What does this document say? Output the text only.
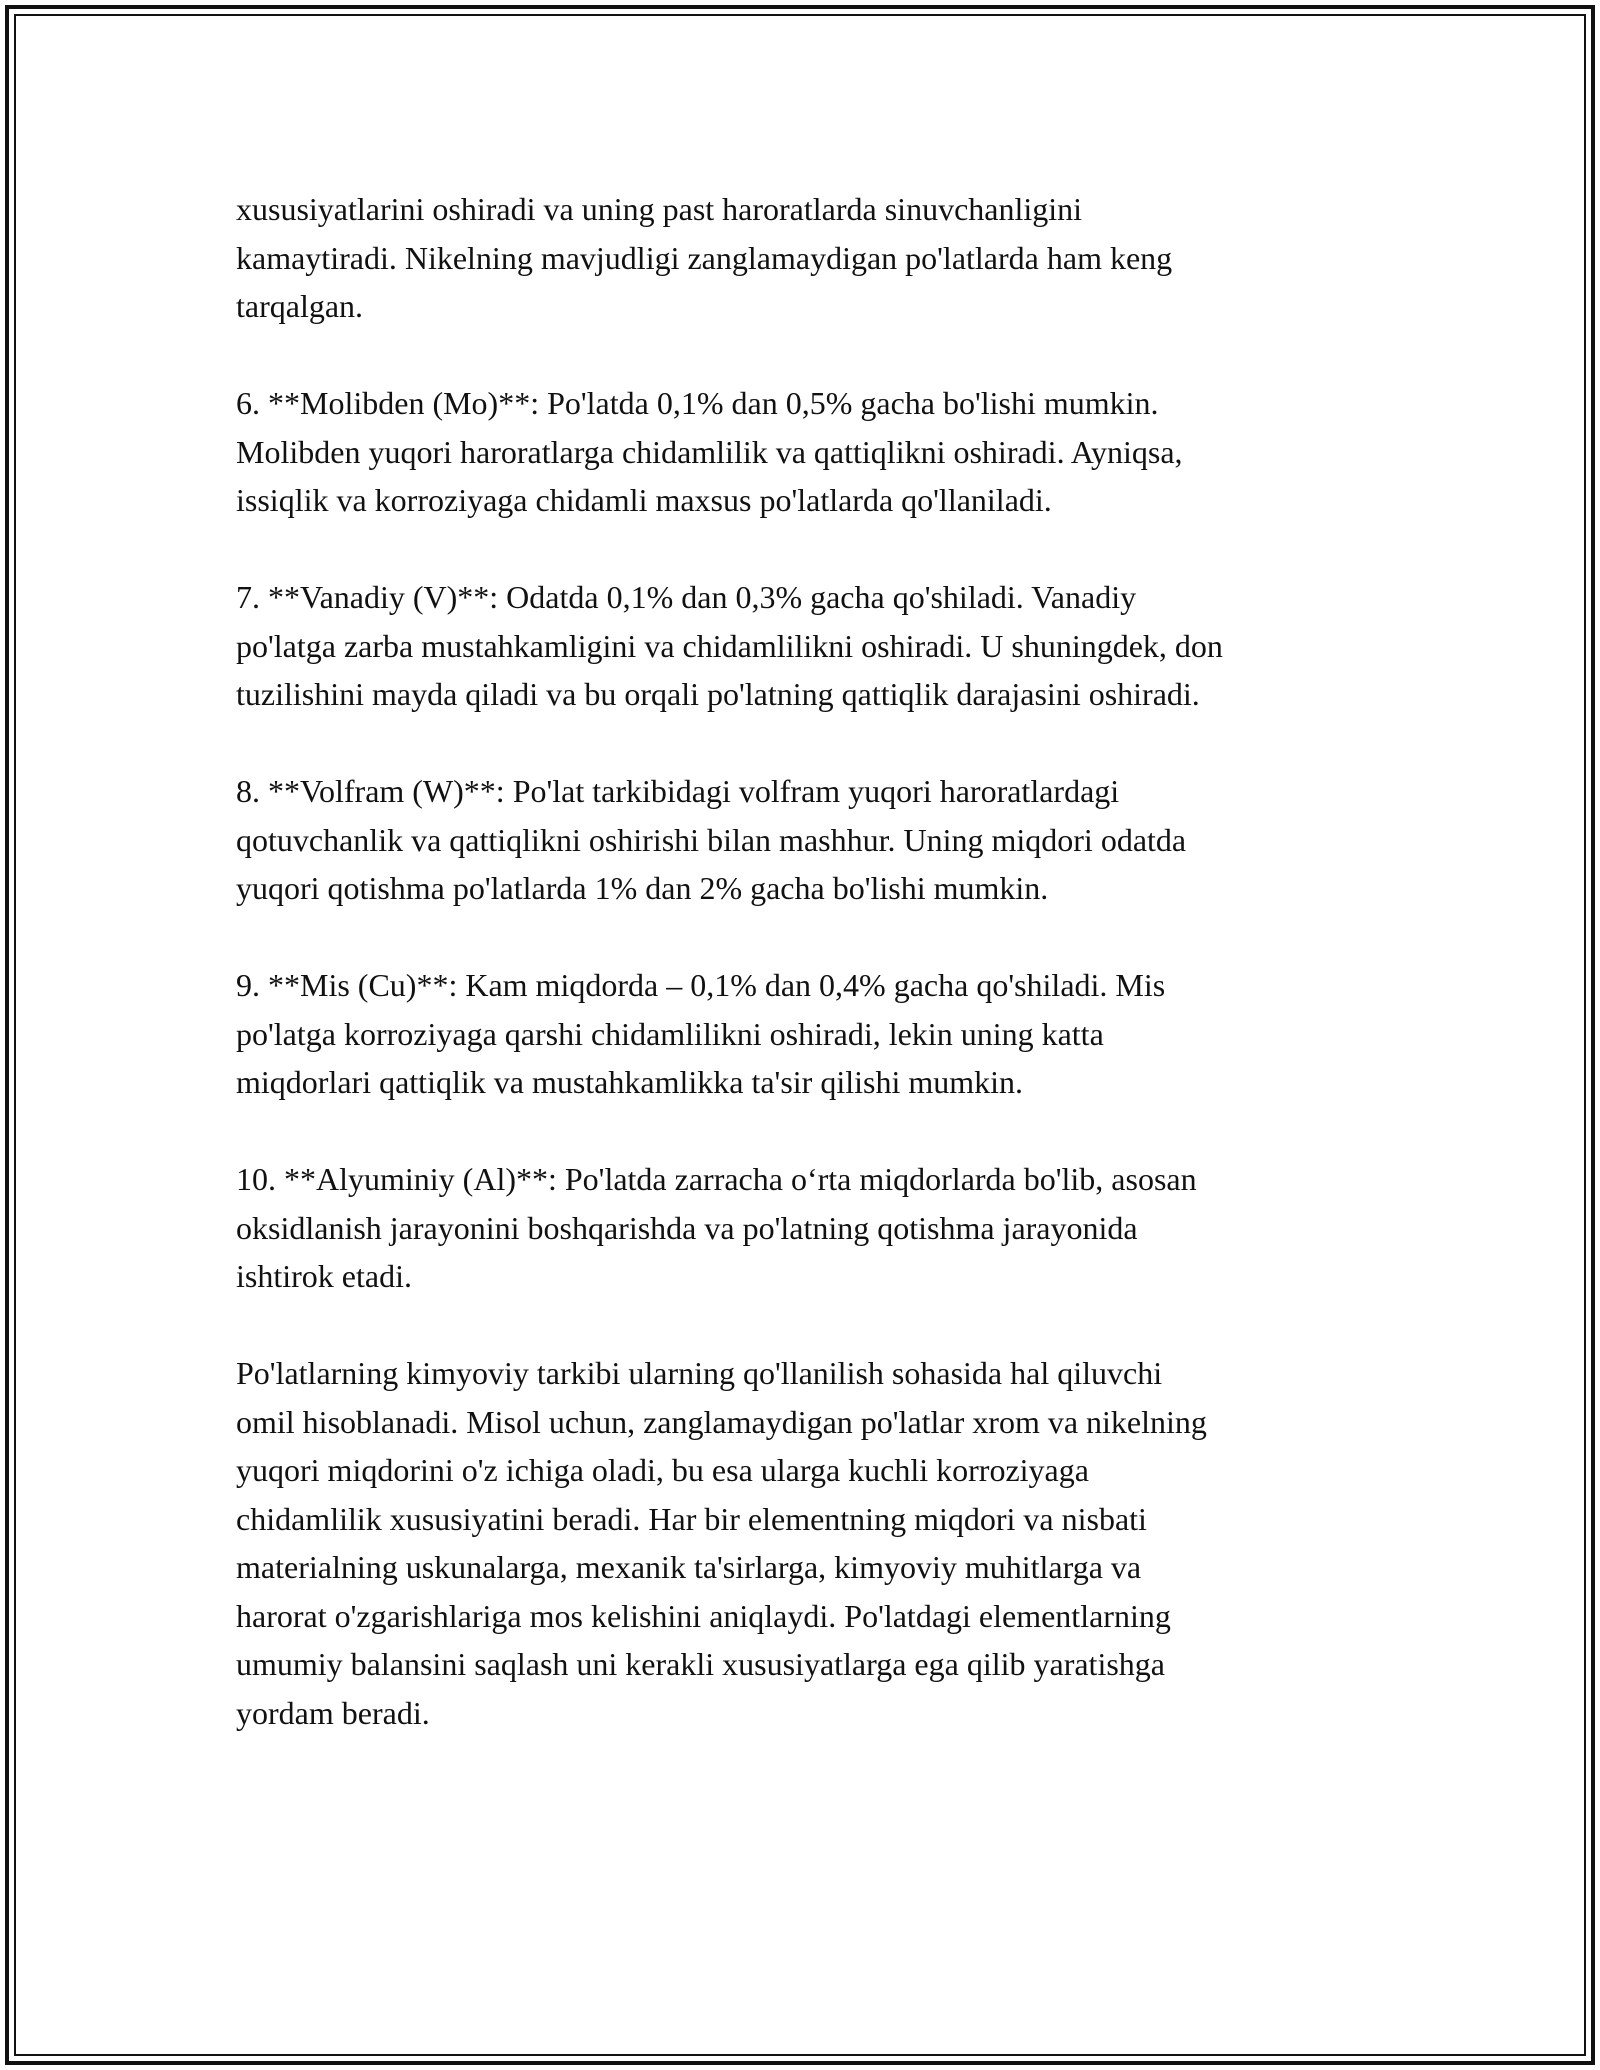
xususiyatlarini oshiradi va uning past haroratlarda sinuvchanligini
kamaytiradi. Nikelning mavjudligi zanglamaydigan po'latlarda ham keng
tarqalgan.

6. **Molibden (Mo)**: Po'latda 0,1% dan 0,5% gacha bo'lishi mumkin.
Molibden yuqori haroratlarga chidamlilik va qattiqlikni oshiradi. Ayniqsa,
issiqlik va korroziyaga chidamli maxsus po'latlarda qo'llaniladi.

7. **Vanadiy (V)**: Odatda 0,1% dan 0,3% gacha qo'shiladi. Vanadiy
po'latga zarba mustahkamligini va chidamlilikni oshiradi. U shuningdek, don
tuzilishini mayda qiladi va bu orqali po'latning qattiqlik darajasini oshiradi.

8. **Volfram (W)**: Po'lat tarkibidagi volfram yuqori haroratlardagi
qotuvchanlik va qattiqlikni oshirishi bilan mashhur. Uning miqdori odatda
yuqori qotishma po'latlarda 1% dan 2% gacha bo'lishi mumkin.

9. **Mis (Cu)**: Kam miqdorda – 0,1% dan 0,4% gacha qo'shiladi. Mis
po'latga korroziyaga qarshi chidamlilikni oshiradi, lekin uning katta
miqdorlari qattiqlik va mustahkamlikka ta'sir qilishi mumkin.

10. **Alyuminiy (Al)**: Po'latda zarracha oʻrta miqdorlarda bo'lib, asosan
oksidlanish jarayonini boshqarishda va po'latning qotishma jarayonida
ishtirok etadi.

Po'latlarning kimyoviy tarkibi ularning qo'llanilish sohasida hal qiluvchi
omil hisoblanadi. Misol uchun, zanglamaydigan po'latlar xrom va nikelning
yuqori miqdorini o'z ichiga oladi, bu esa ularga kuchli korroziyaga
chidamlilik xususiyatini beradi. Har bir elementning miqdori va nisbati
materialning uskunalarga, mexanik ta'sirlarga, kimyoviy muhitlarga va
harorat o'zgarishlariga mos kelishini aniqlaydi. Po'latdagi elementlarning
umumiy balansini saqlash uni kerakli xususiyatlarga ega qilib yaratishga
yordam beradi.
